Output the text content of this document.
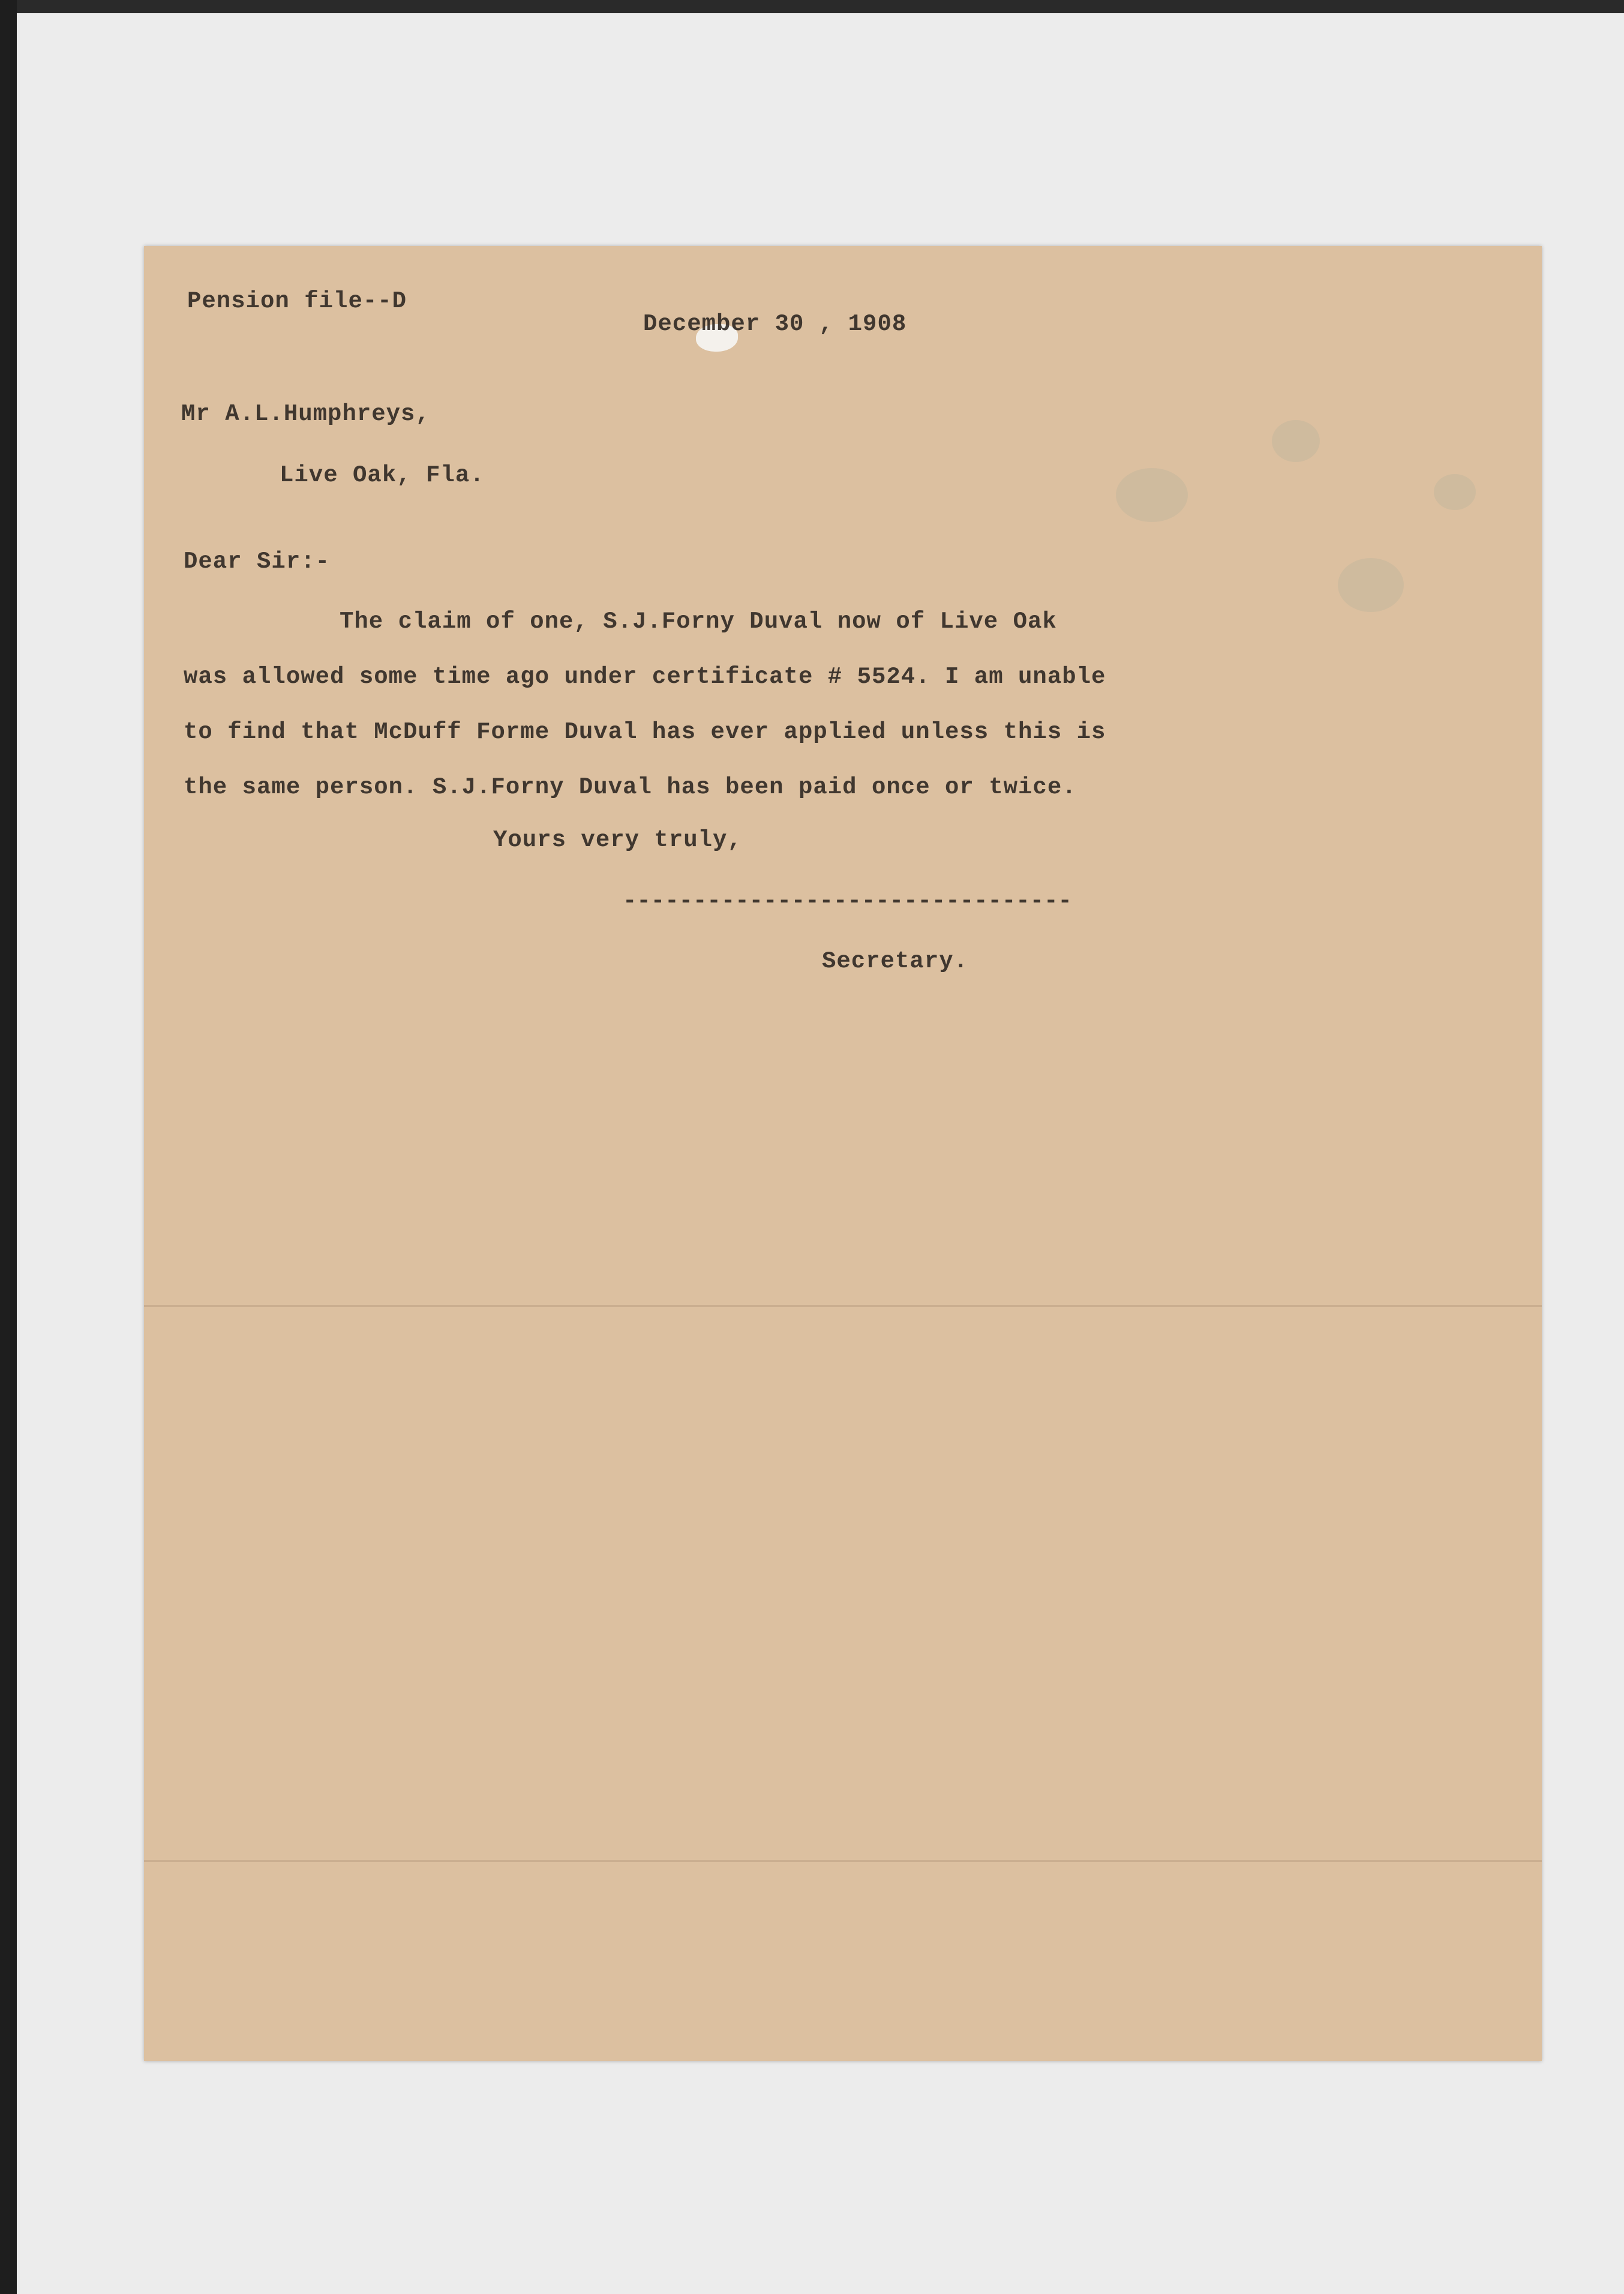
Pension file--D
December 30 , 1908
Mr A.L.Humphreys,
Live Oak, Fla.
Dear Sir:-
The claim of one, S.J.Forny Duval now of Live Oak
was allowed some time ago under certificate # 5524. I am unable
to find that McDuff Forme Duval has ever applied unless this is
the same person. S.J.Forny Duval has been paid once or twice.
Yours very truly,
--------------------------------
Secretary.
